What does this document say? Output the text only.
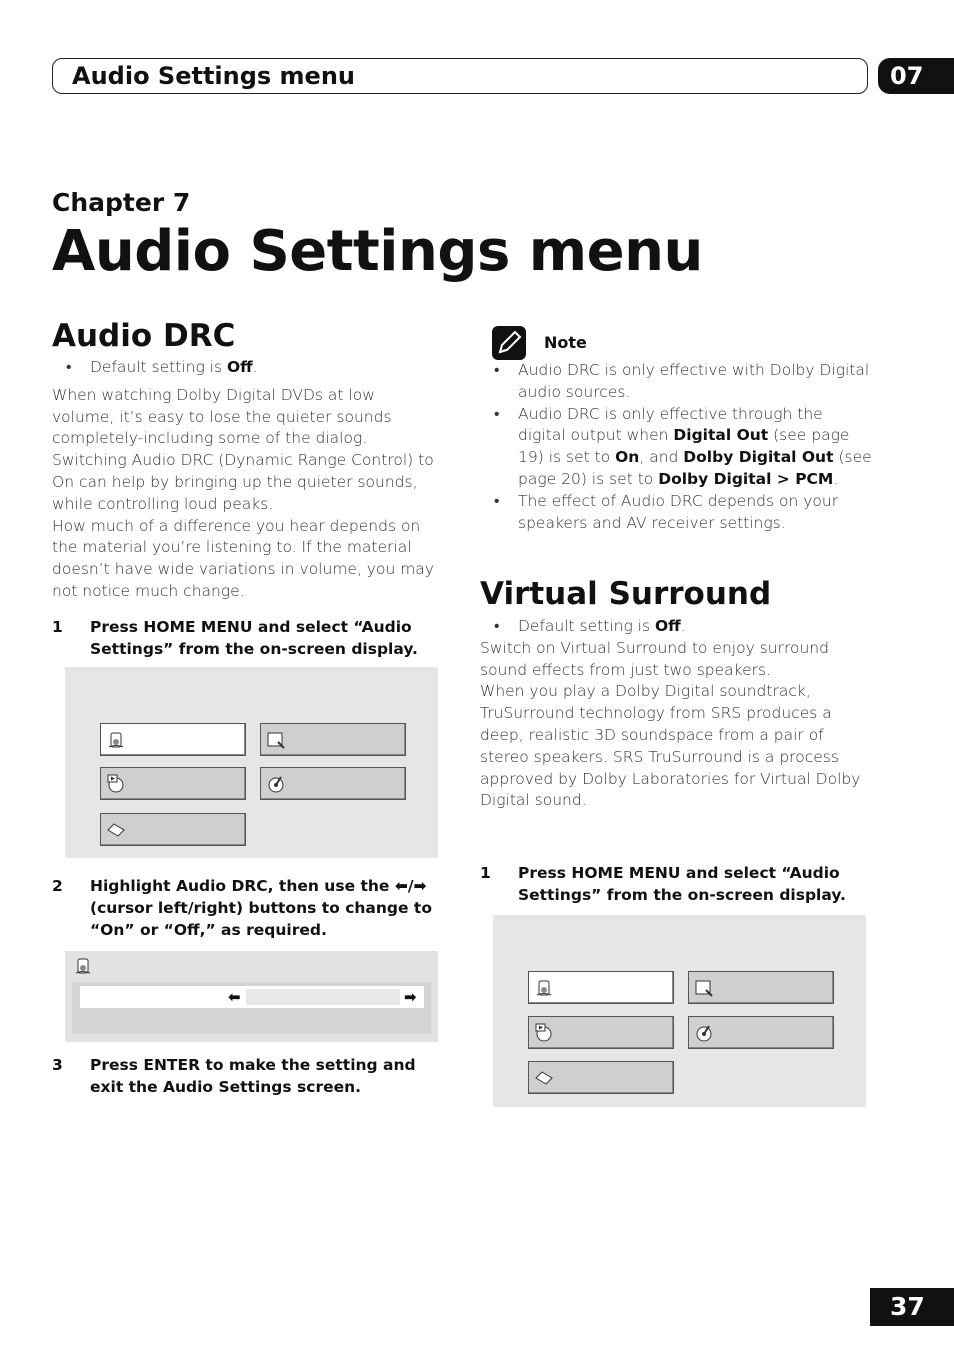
Audio Settings menu	07
Chapter 7
Audio Settings menu
Audio DRC

• Default setting is Off.

When watching Dolby Digital DVDs at low volume, it’s easy to lose the quieter sounds completely-including some of the dialog. Switching Audio DRC (Dynamic Range Control) to On can help by bringing up the quieter sounds, while controlling loud peaks.

How much of a difference you hear depends on the material you’re listening to. If the material doesn’t have wide variations in volume, you may not notice much change.

1 Press HOME MENU and select “Audio Settings” from the on-screen display.
2 Highlight Audio DRC, then use the ⬅/➡ (cursor left/right) buttons to change to “On” or “Off,” as required.
⬅	➡
3 Press ENTER to make the setting and exit the Audio Settings screen.
Note

• Audio DRC is only effective with Dolby Digital audio sources.

• Audio DRC is only effective through the digital output when Digital Out (see page 19) is set to On, and Dolby Digital Out (see page 20) is set to Dolby Digital > PCM.

• The effect of Audio DRC depends on your speakers and AV receiver settings.

Virtual Surround

• Default setting is Off.

Switch on Virtual Surround to enjoy surround sound effects from just two speakers.

When you play a Dolby Digital soundtrack, TruSurround technology from SRS produces a deep, realistic 3D soundspace from a pair of stereo speakers. SRS TruSurround is a process approved by Dolby Laboratories for Virtual Dolby Digital sound.

1 Press HOME MENU and select “Audio Settings” from the on-screen display.
37
